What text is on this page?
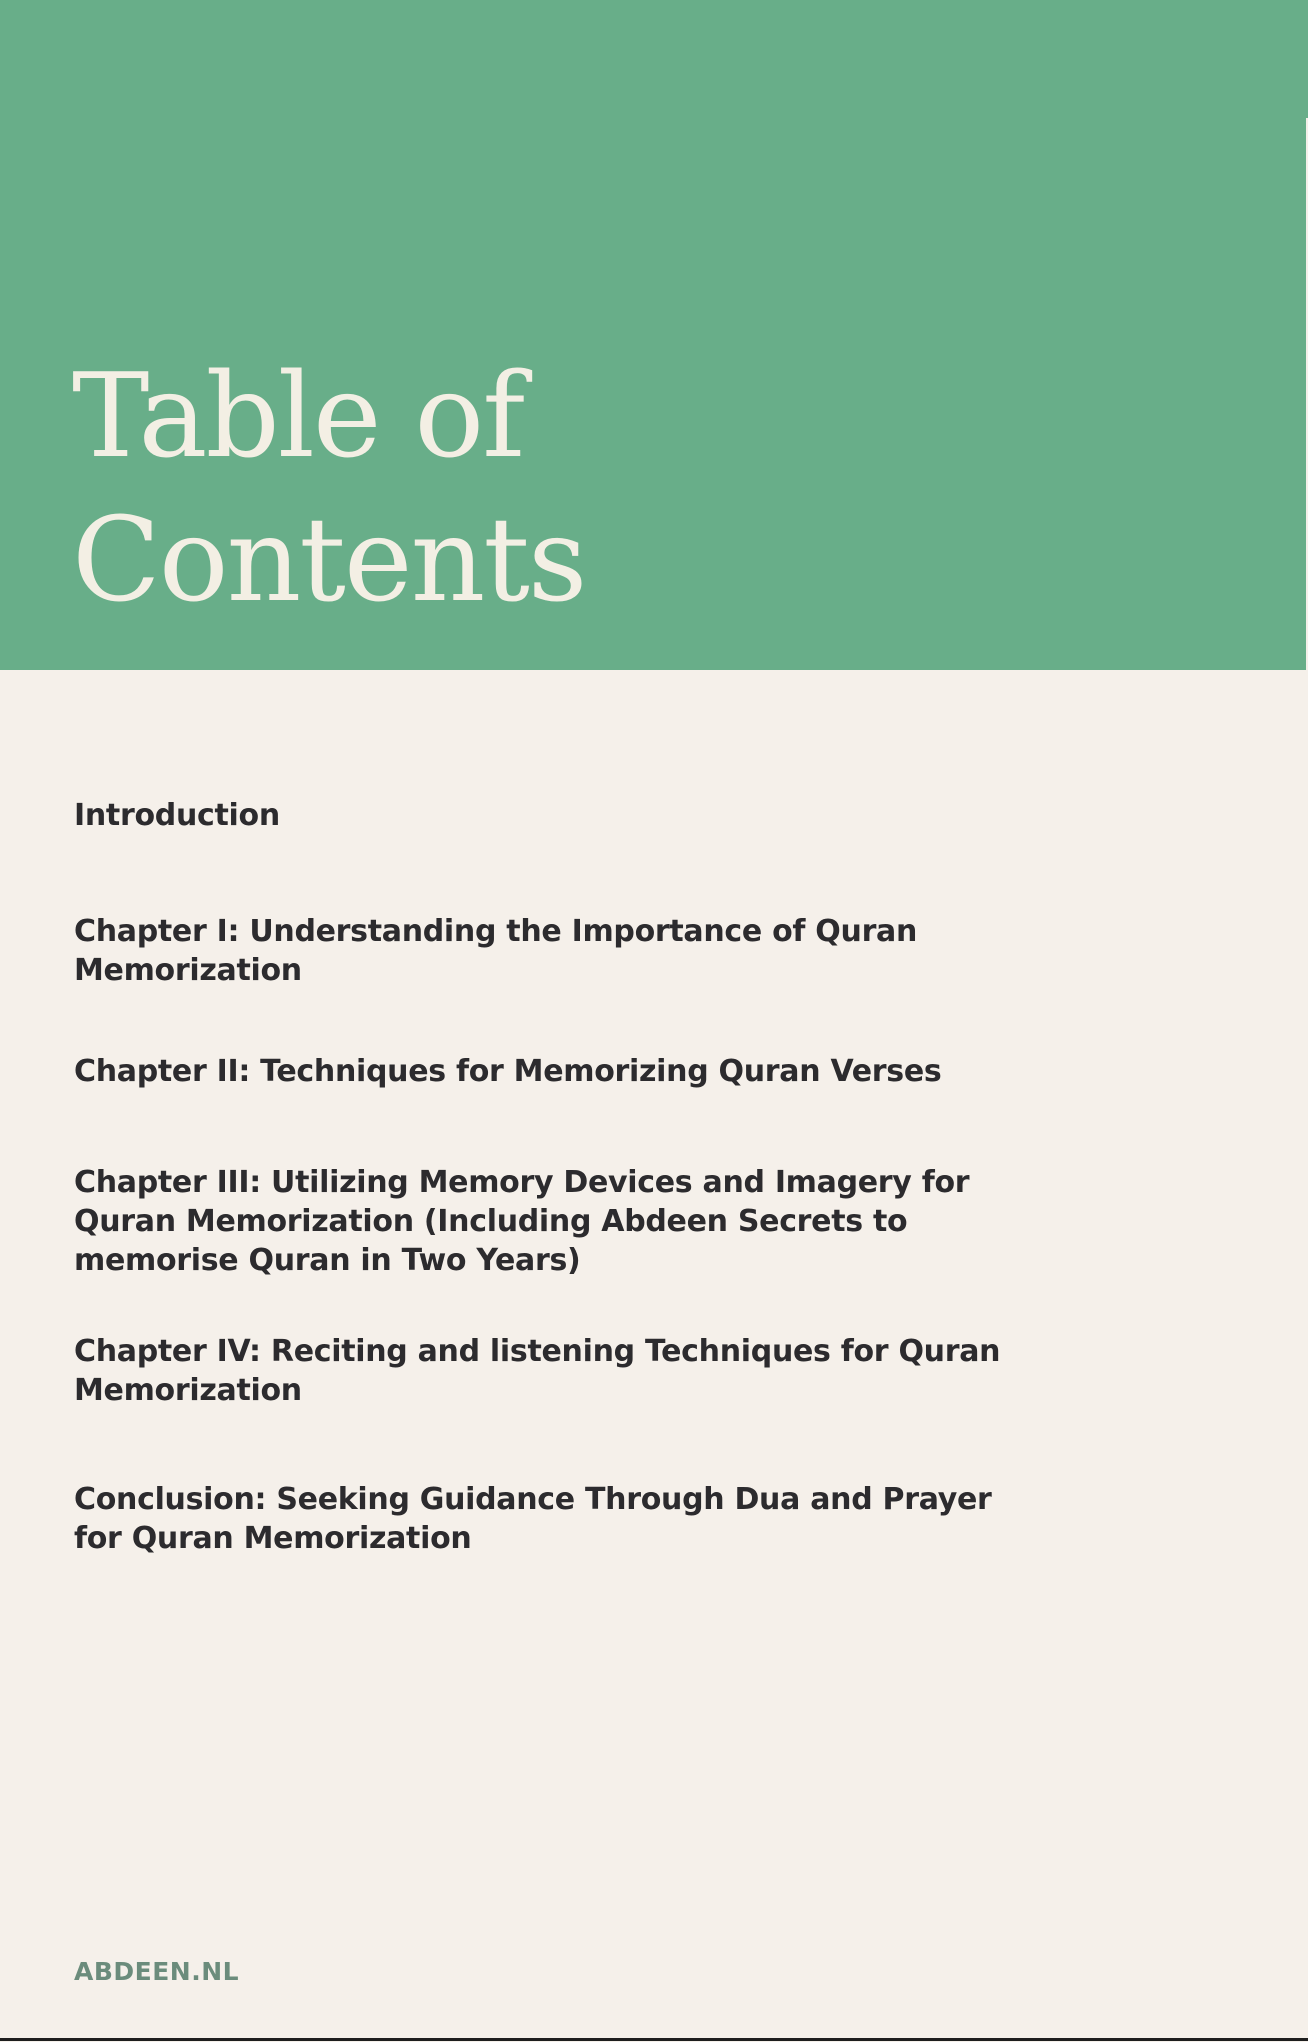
Table of
Contents
Introduction
Chapter I: Understanding the Importance of Quran Memorization
Chapter II: Techniques for Memorizing Quran Verses
Chapter III: Utilizing Memory Devices and Imagery for Quran Memorization (Including Abdeen Secrets to memorise Quran in Two Years)
Chapter IV: Reciting and listening Techniques for Quran Memorization
Conclusion: Seeking Guidance Through Dua and Prayer for Quran Memorization
ABDEEN.NL
